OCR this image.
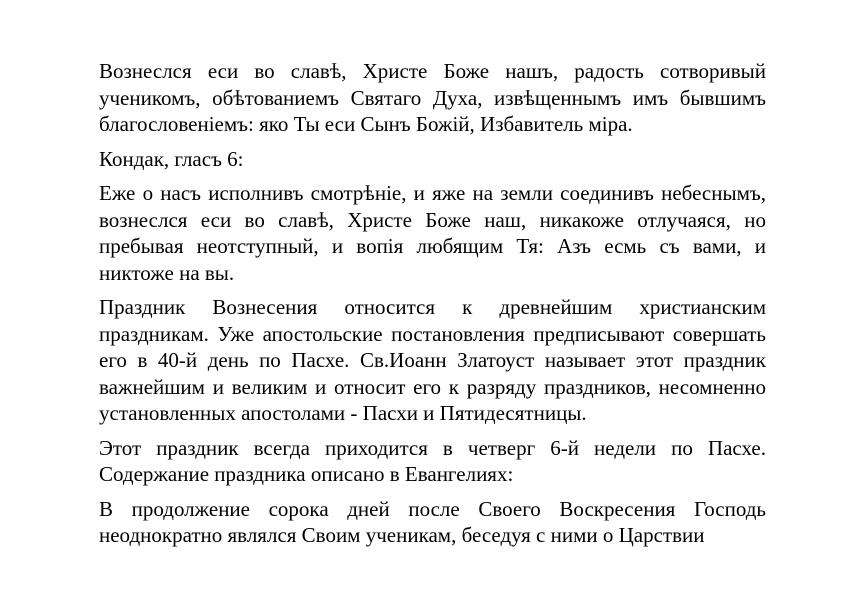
Вознеслся еси во славѣ, Христе Боже нашъ, радость сотворивый ученикомъ, обѣтованиемъ Святаго Духа, извѣщеннымъ имъ бывшимъ благословеніемъ: яко Ты еси Сынъ Божій, Избавитель міра.

Кондак, гласъ 6:

Еже о насъ исполнивъ смотрѣніе, и яже на земли соединивъ небеснымъ, вознеслся еси во славѣ, Христе Боже наш, никакоже отлучаяся, но пребывая неотступный, и вопія любящим Тя: Азъ есмь съ вами, и никтоже на вы.

Праздник Вознесения относится к древнейшим христианским праздникам. Уже апостольские постановления предписывают совершать его в 40-й день по Пасхе. Св.Иоанн Златоуст называет этот праздник важнейшим и великим и относит его к разряду праздников, несомненно установленных апостолами - Пасхи и Пятидесятницы.

Этот праздник всегда приходится в четверг 6-й недели по Пасхе. Содержание праздника описано в Евангелиях:

В продолжение сорока дней после Своего Воскресения Господь неоднократно являлся Своим ученикам, беседуя с ними о Царствии
